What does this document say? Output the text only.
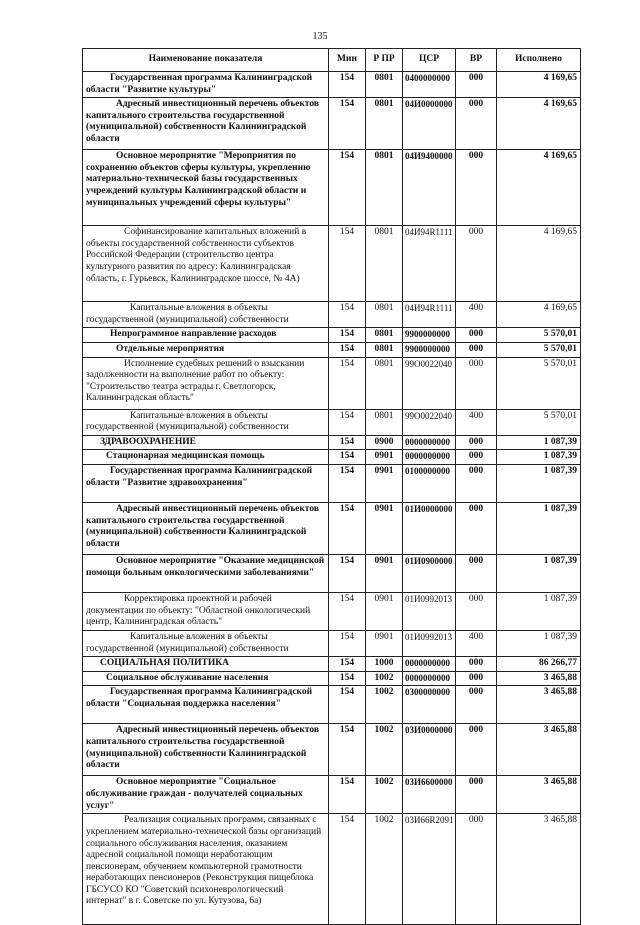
135
Наименование показателя	Мин	Р ПР	ЦСР	ВР	Исполнено
Государственная программа Калининградской области "Развитие культуры"	154	0801	0400000000	000	4 169,65
Адресный инвестиционный перечень объектов капитального строительства государственной (муниципальной) собственности Калининградской области	154	0801	04И0000000	000	4 169,65
Основное мероприятие "Мероприятия по сохранению объектов сферы культуры, укреплению материально-технической базы государственных учреждений культуры Калининградской области и муниципальных учреждений сферы культуры"	154	0801	04И9400000	000	4 169,65
Софинансирование капитальных вложений в объекты государственной собственности субъектов Российской Федерации (строительство центра культурного развития по адресу: Калининградская область, г. Гурьевск, Калининградское шоссе, № 4А)	154	0801	04И94R1111	000	4 169,65
Капитальные вложения в объекты государственной (муниципальной) собственности	154	0801	04И94R1111	400	4 169,65
Непрограммное направление расходов	154	0801	9900000000	000	5 570,01
Отдельные мероприятия	154	0801	9900000000	000	5 570,01
Исполнение судебных решений о взыскании задолженности на выполнение работ по объекту: "Строительство театра эстрады г. Светлогорск, Калининградская область"	154	0801	99О0022040	000	5 570,01
Капитальные вложения в объекты государственной (муниципальной) собственности	154	0801	99О0022040	400	5 570,01
ЗДРАВООХРАНЕНИЕ	154	0900	0000000000	000	1 087,39
Стационарная медицинская помощь	154	0901	0000000000	000	1 087,39
Государственная программа Калининградской области "Развитие здравоохранения"	154	0901	0100000000	000	1 087,39
Адресный инвестиционный перечень объектов капитального строительства государственной (муниципальной) собственности Калининградской области	154	0901	01И0000000	000	1 087,39
Основное мероприятие "Оказание медицинской помощи больным онкологическими заболеваниями"	154	0901	01И0900000	000	1 087,39
Корректировка проектной и рабочей документации по объекту: "Областной онкологический центр, Калининградская область"	154	0901	01И0992013	000	1 087,39
Капитальные вложения в объекты государственной (муниципальной) собственности	154	0901	01И0992013	400	1 087,39
СОЦИАЛЬНАЯ ПОЛИТИКА	154	1000	0000000000	000	86 266,77
Социальное обслуживание населения	154	1002	0000000000	000	3 465,88
Государственная программа Калининградской области "Социальная поддержка населения"	154	1002	0300000000	000	3 465,88
Адресный инвестиционный перечень объектов капитального строительства государственной (муниципальной) собственности Калининградской области	154	1002	03И0000000	000	3 465,88
Основное мероприятие "Социальное обслуживание граждан - получателей социальных услуг"	154	1002	03И6600000	000	3 465,88
Реализация социальных программ, связанных с укреплением материально-технической базы организаций социального обслуживания населения, оказанием адресной социальной помощи неработающим пенсионерам, обучением компьютерной грамотности неработающих пенсионеров (Реконструкция пищеблока ГБСУСО КО "Советский психоневрологический интернат" в г. Советске по ул. Кутузова, 6а)	154	1002	03И66R2091	000	3 465,88
